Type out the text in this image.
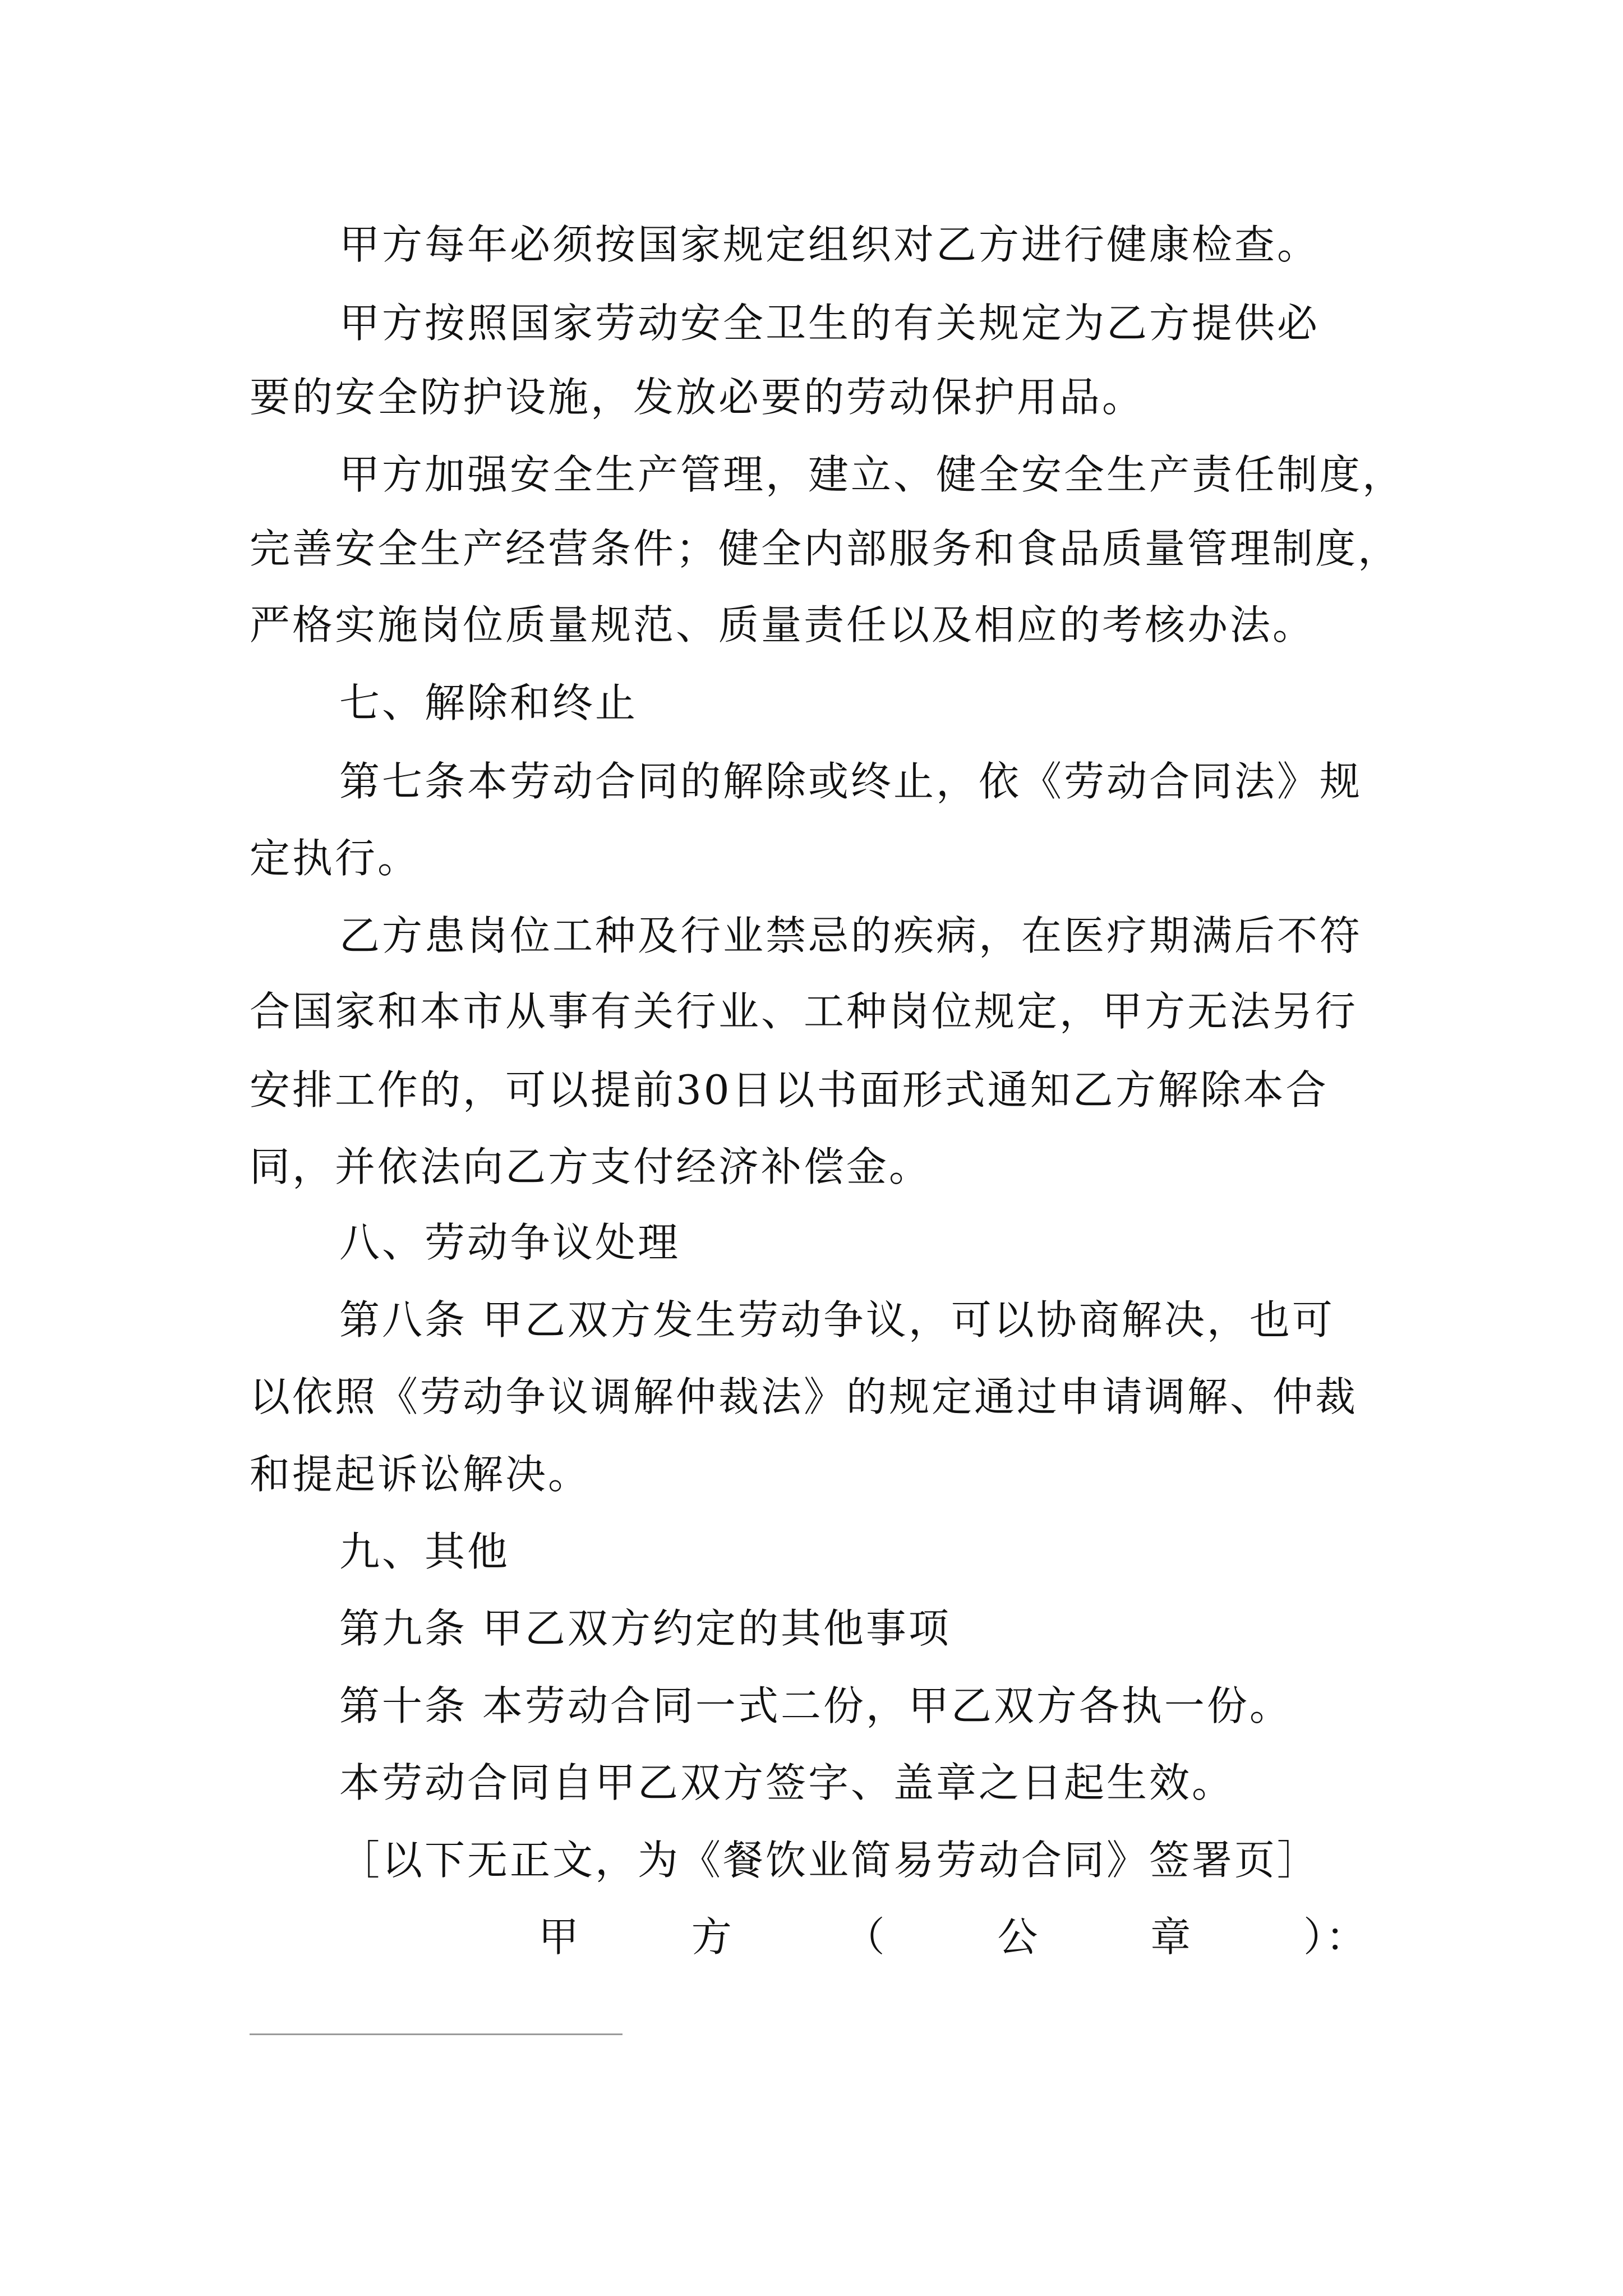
甲方每年必须按国家规定组织对乙方进行健康检查。
甲方按照国家劳动安全卫生的有关规定为乙方提供必
要的安全防护设施，发放必要的劳动保护用品。
甲方加强安全生产管理，建立、健全安全生产责任制度，
完善安全生产经营条件；健全内部服务和食品质量管理制度，
严格实施岗位质量规范、质量责任以及相应的考核办法。
七、解除和终止
第七条本劳动合同的解除或终止，依《劳动合同法》规
定执行。
乙方患岗位工种及行业禁忌的疾病，在医疗期满后不符
合国家和本市从事有关行业、工种岗位规定，甲方无法另行
安排工作的，可以提前30日以书面形式通知乙方解除本合
同，并依法向乙方支付经济补偿金。
八、劳动争议处理
第八条 甲乙双方发生劳动争议，可以协商解决，也可
以依照《劳动争议调解仲裁法》的规定通过申请调解、仲裁
和提起诉讼解决。
九、其他
第九条 甲乙双方约定的其他事项
第十条 本劳动合同一式二份，甲乙双方各执一份。
本劳动合同自甲乙双方签字、盖章之日起生效。
［以下无正文，为《餐饮业简易劳动合同》签署页］
甲	方	（	公	章	）：
